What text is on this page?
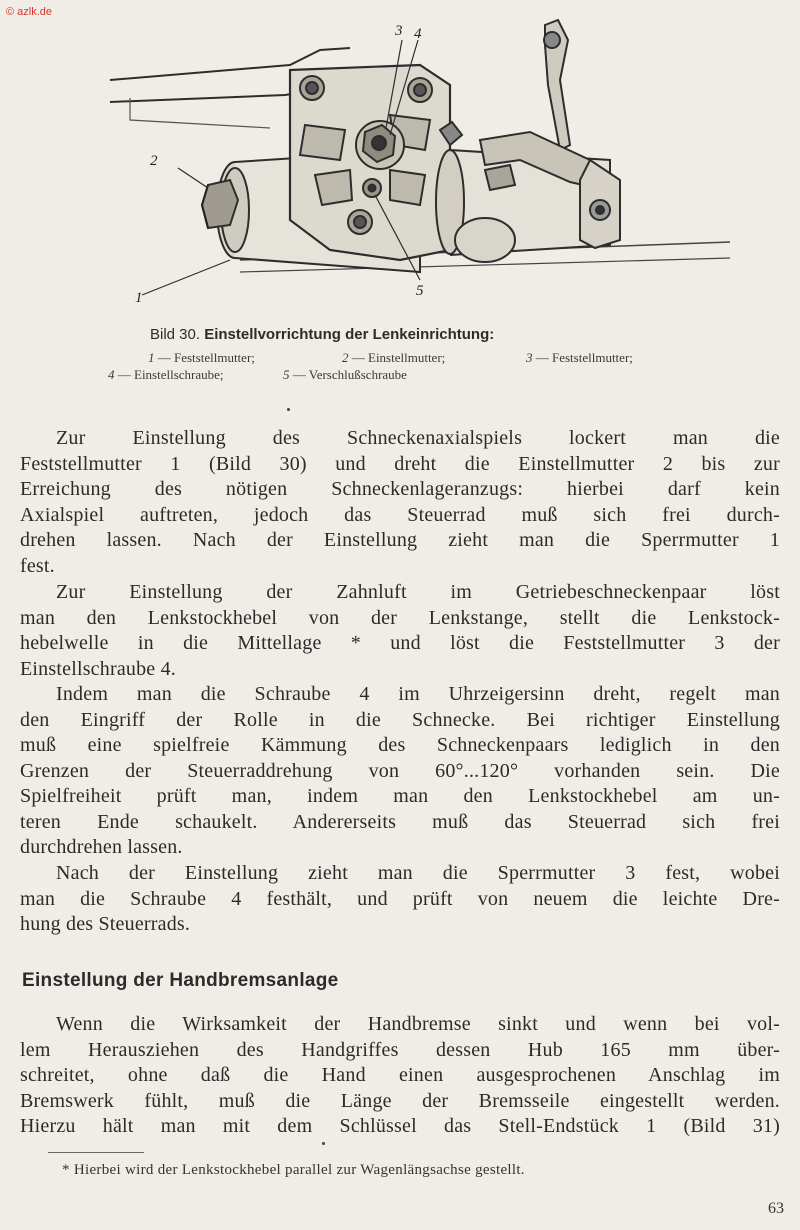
© azlk.de
2
1
3 4
5
Bild 30. Einstellvorrichtung der Lenkeinrichtung:
1 — Feststellmutter;	2 — Einstellmutter;	3 — Feststellmutter;
4 — Einstellschraube;	5 — Verschlußschraube
Zur Einstellung des Schneckenaxialspiels lockert man die
Feststellmutter 1 (Bild 30) und dreht die Einstellmutter 2 bis zur
Erreichung des nötigen Schneckenlageranzugs: hierbei darf kein
Axialspiel auftreten, jedoch das Steuerrad muß sich frei durch-
drehen lassen. Nach der Einstellung zieht man die Sperrmutter 1
fest.
Zur Einstellung der Zahnluft im Getriebeschneckenpaar löst
man den Lenkstockhebel von der Lenkstange, stellt die Lenkstock-
hebelwelle in die Mittellage * und löst die Feststellmutter 3 der
Einstellschraube 4.
Indem man die Schraube 4 im Uhrzeigersinn dreht, regelt man
den Eingriff der Rolle in die Schnecke. Bei richtiger Einstellung
muß eine spielfreie Kämmung des Schneckenpaars lediglich in den
Grenzen der Steuerraddrehung von 60°...120° vorhanden sein. Die
Spielfreiheit prüft man, indem man den Lenkstockhebel am un-
teren Ende schaukelt. Andererseits muß das Steuerrad sich frei
durchdrehen lassen.
Nach der Einstellung zieht man die Sperrmutter 3 fest, wobei
man die Schraube 4 festhält, und prüft von neuem die leichte Dre-
hung des Steuerrads.
Einstellung der Handbremsanlage
Wenn die Wirksamkeit der Handbremse sinkt und wenn bei vol-
lem Herausziehen des Handgriffes dessen Hub 165 mm über-
schreitet, ohne daß die Hand einen ausgesprochenen Anschlag im
Bremswerk fühlt, muß die Länge der Bremsseile eingestellt werden.
Hierzu hält man mit dem Schlüssel das Stell-Endstück 1 (Bild 31)
* Hierbei wird der Lenkstockhebel parallel zur Wagenlängsachse gestellt.
63
